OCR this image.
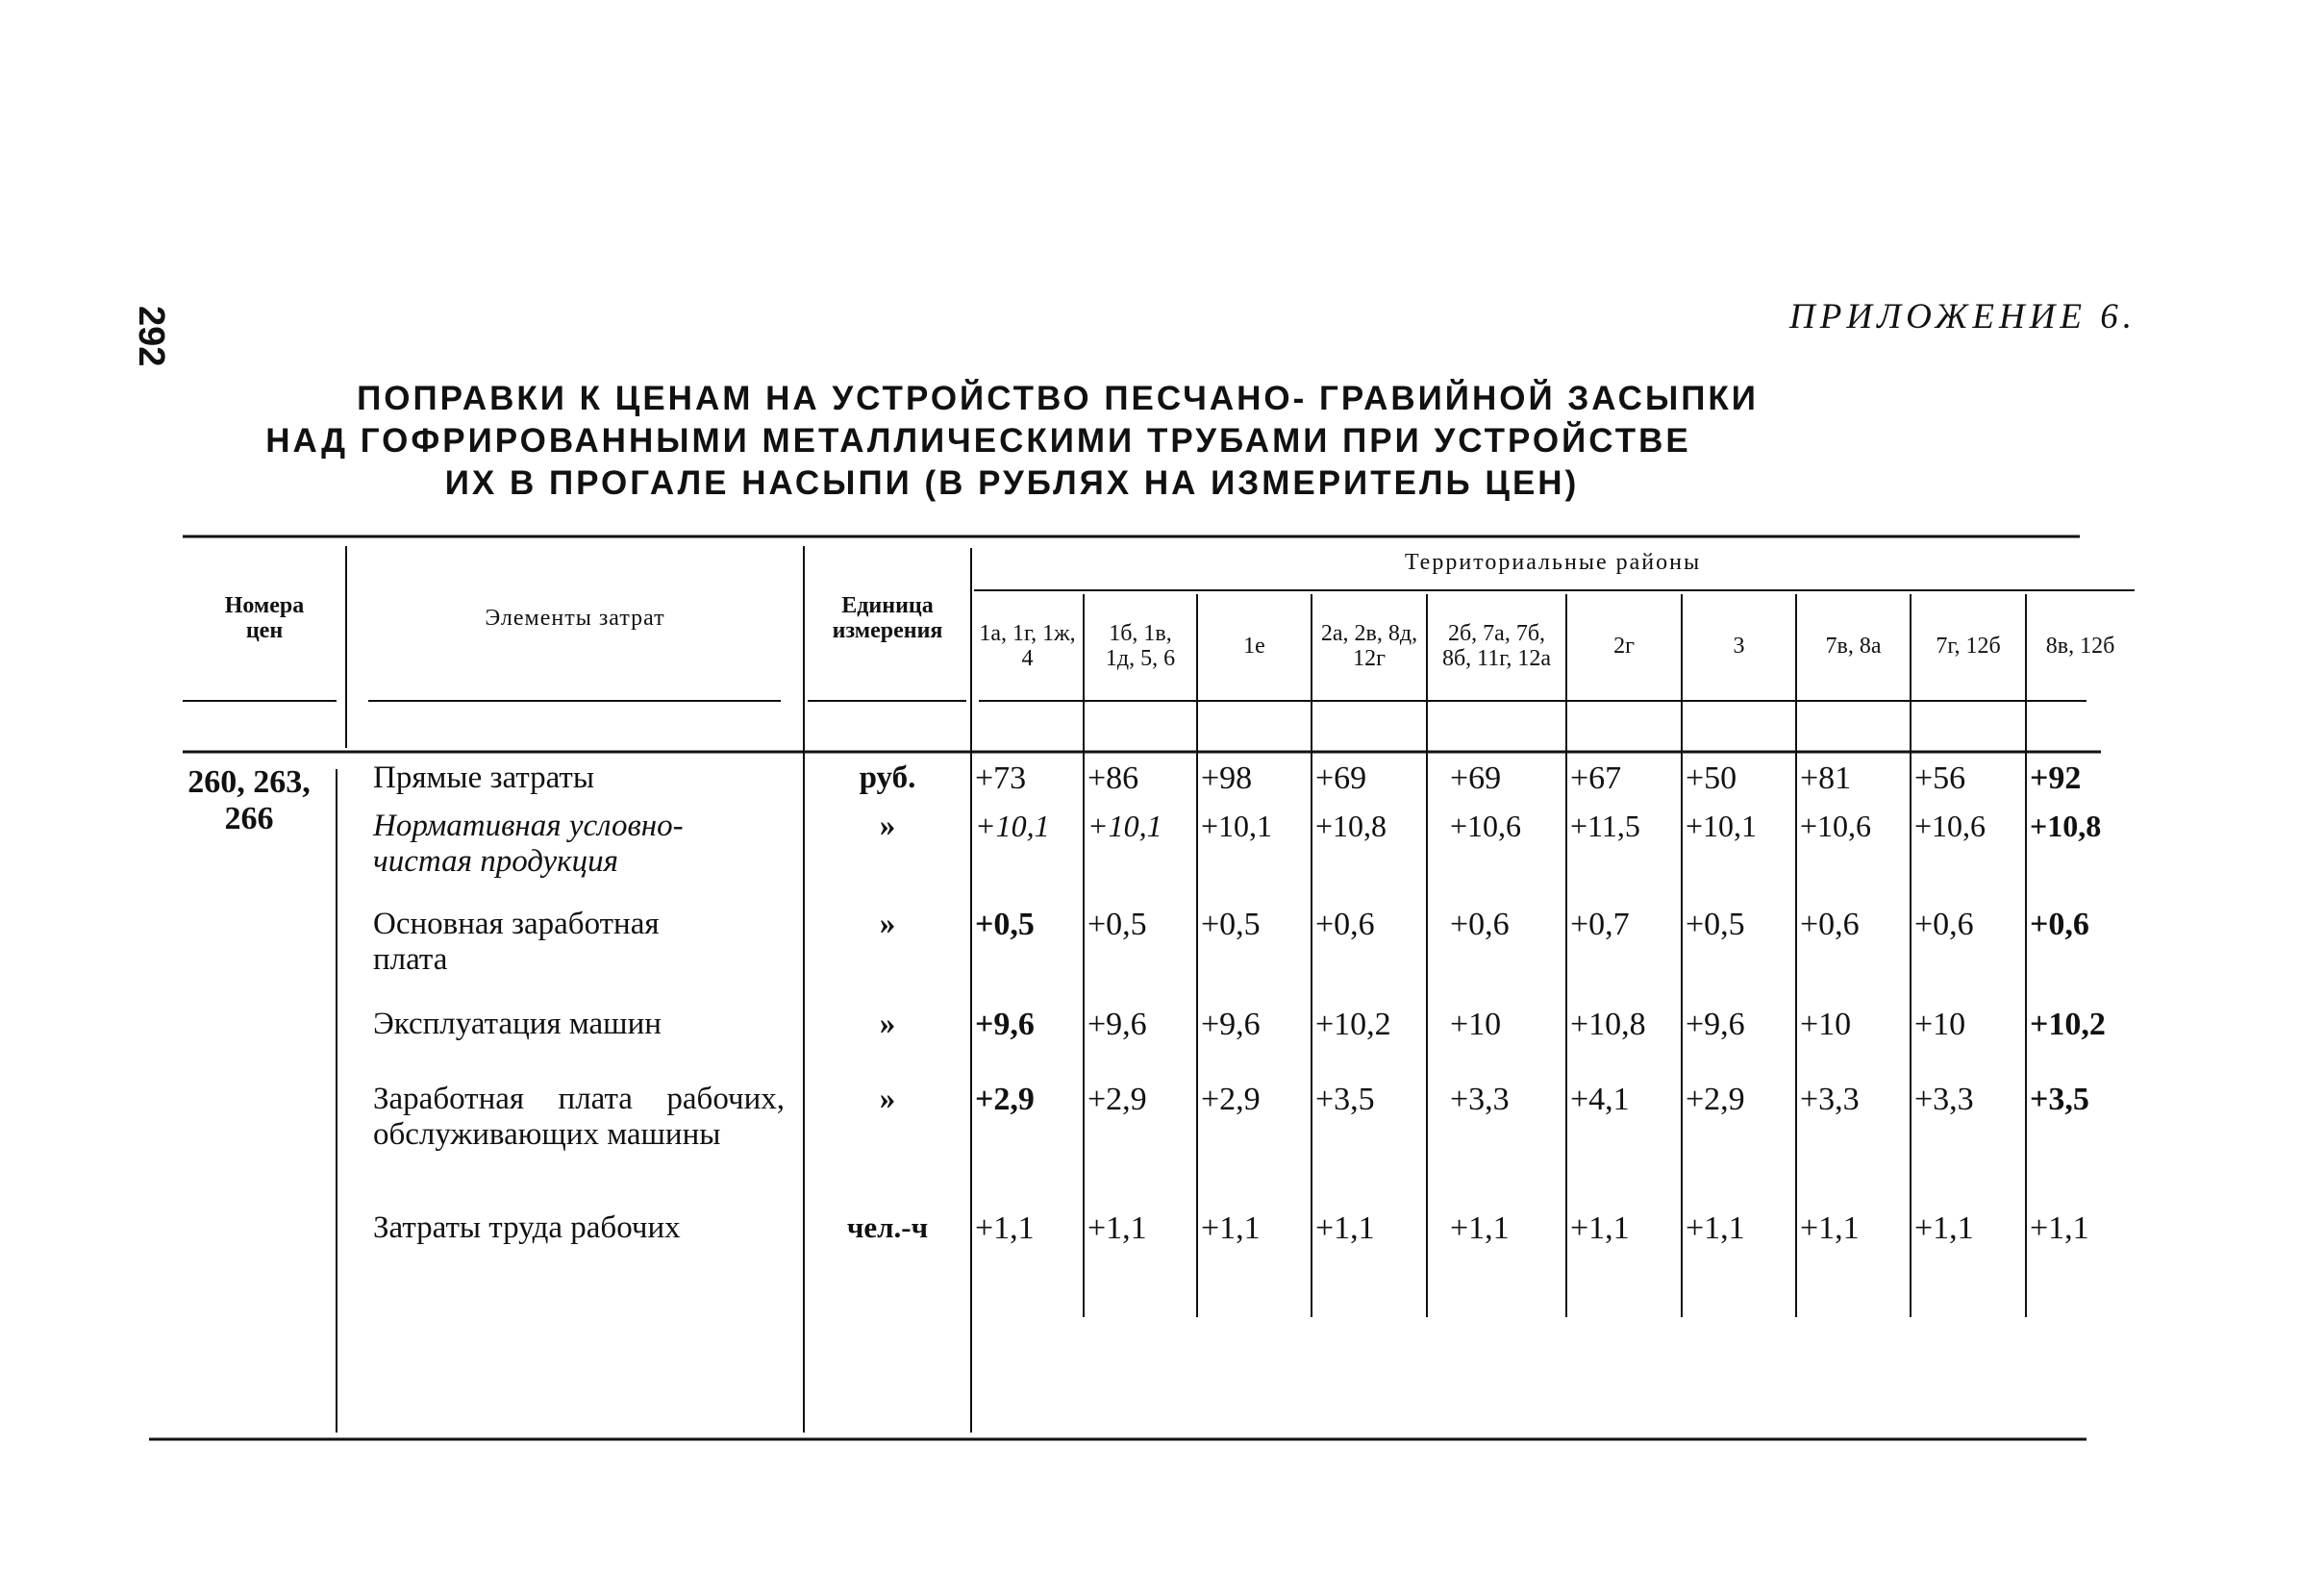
292	ПРИЛОЖЕНИЕ 6.
ПОПРАВКИ К ЦЕНАМ НА УСТРОЙСТВО ПЕСЧАНО- ГРАВИЙНОЙ ЗАСЫПКИ
НАД ГОФРИРОВАННЫМИ МЕТАЛЛИЧЕСКИМИ ТРУБАМИ ПРИ УСТРОЙСТВЕ
ИХ В ПРОГАЛЕ НАСЫПИ (В РУБЛЯХ НА ИЗМЕРИТЕЛЬ ЦЕН)
Номера цен	Элементы затрат	Единица измерения	Территориальные районы									
			1а, 1г, 1ж, 4	1б, 1в, 1д, 5, 6	1е	2а, 2в, 8д, 12г	2б, 7а, 7б, 8б, 11г, 12а	2г	3	7в, 8а	7г, 12б	8в, 12б

260, 263, 266	Прямые затраты	руб.	+73	+86	+98	+69	+69	+67	+50	+81	+56	+92
	Нормативная условно-чистая продукция	»	+10,1	+10,1	+10,1	+10,8	+10,6	+11,5	+10,1	+10,6	+10,6	+10,8
	Основная заработная плата	»	+0,5	+0,5	+0,5	+0,6	+0,6	+0,7	+0,5	+0,6	+0,6	+0,6
	Эксплуатация машин	»	+9,6	+9,6	+9,6	+10,2	+10	+10,8	+9,6	+10	+10	+10,2
	Заработная плата рабочих, обслуживающих машины	»	+2,9	+2,9	+2,9	+3,5	+3,3	+4,1	+2,9	+3,3	+3,3	+3,5
	Затраты труда рабочих	чел.-ч	+1,1	+1,1	+1,1	+1,1	+1,1	+1,1	+1,1	+1,1	+1,1	+1,1
